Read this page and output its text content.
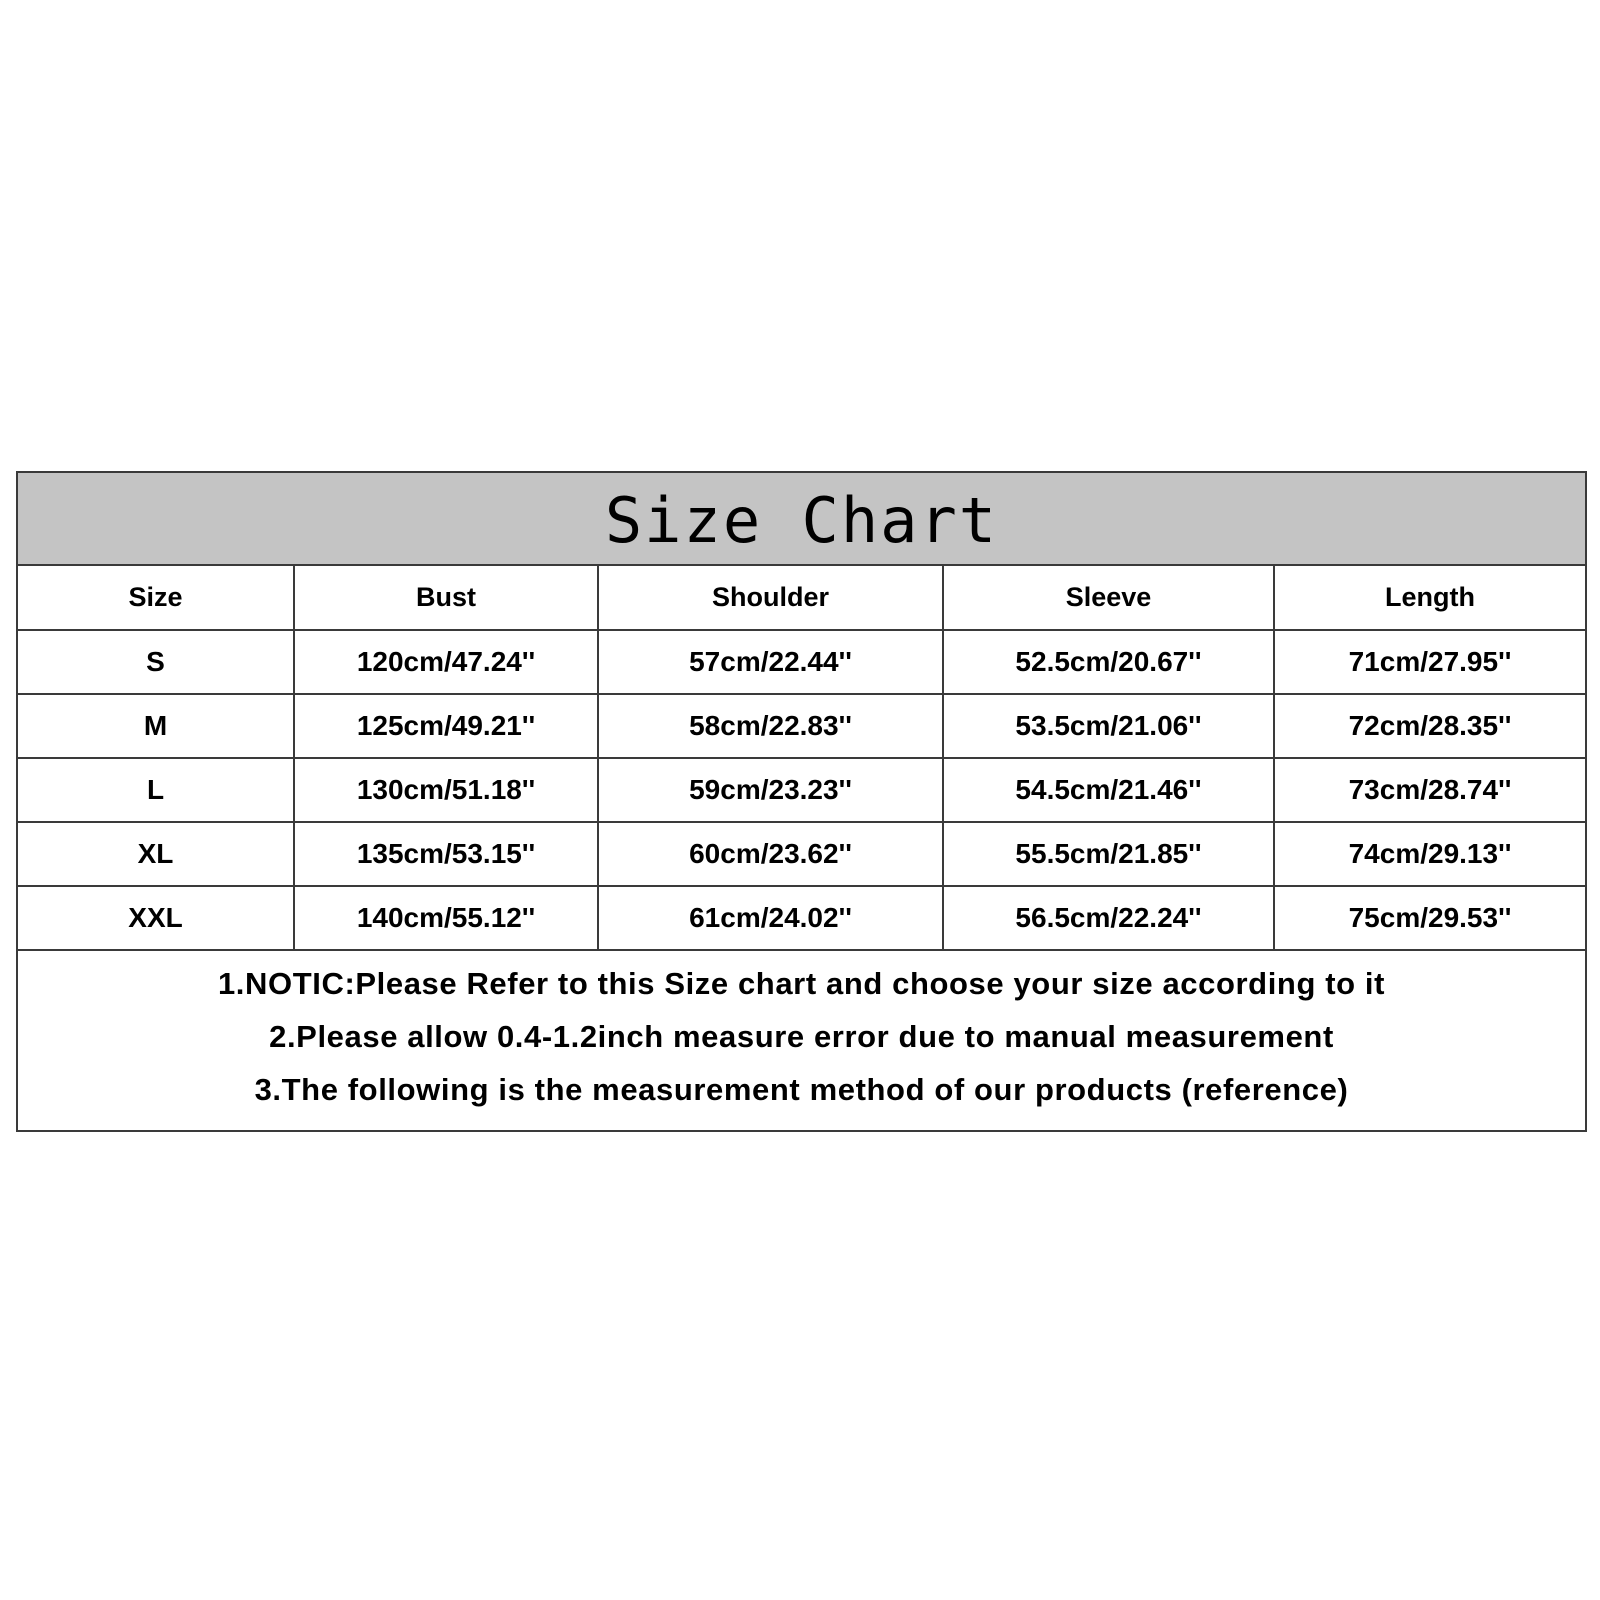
Size Chart
Size	Bust	Shoulder	Sleeve	Length
S	120cm/47.24''	57cm/22.44''	52.5cm/20.67''	71cm/27.95''
M	125cm/49.21''	58cm/22.83''	53.5cm/21.06''	72cm/28.35''
L	130cm/51.18''	59cm/23.23''	54.5cm/21.46''	73cm/28.74''
XL	135cm/53.15''	60cm/23.62''	55.5cm/21.85''	74cm/29.13''
XXL	140cm/55.12''	61cm/24.02''	56.5cm/22.24''	75cm/29.53''
1.NOTIC:Please Refer to this Size chart and choose your size according to it
2.Please allow 0.4-1.2inch measure error due to manual measurement
3.The following is the measurement method of our products (reference)
